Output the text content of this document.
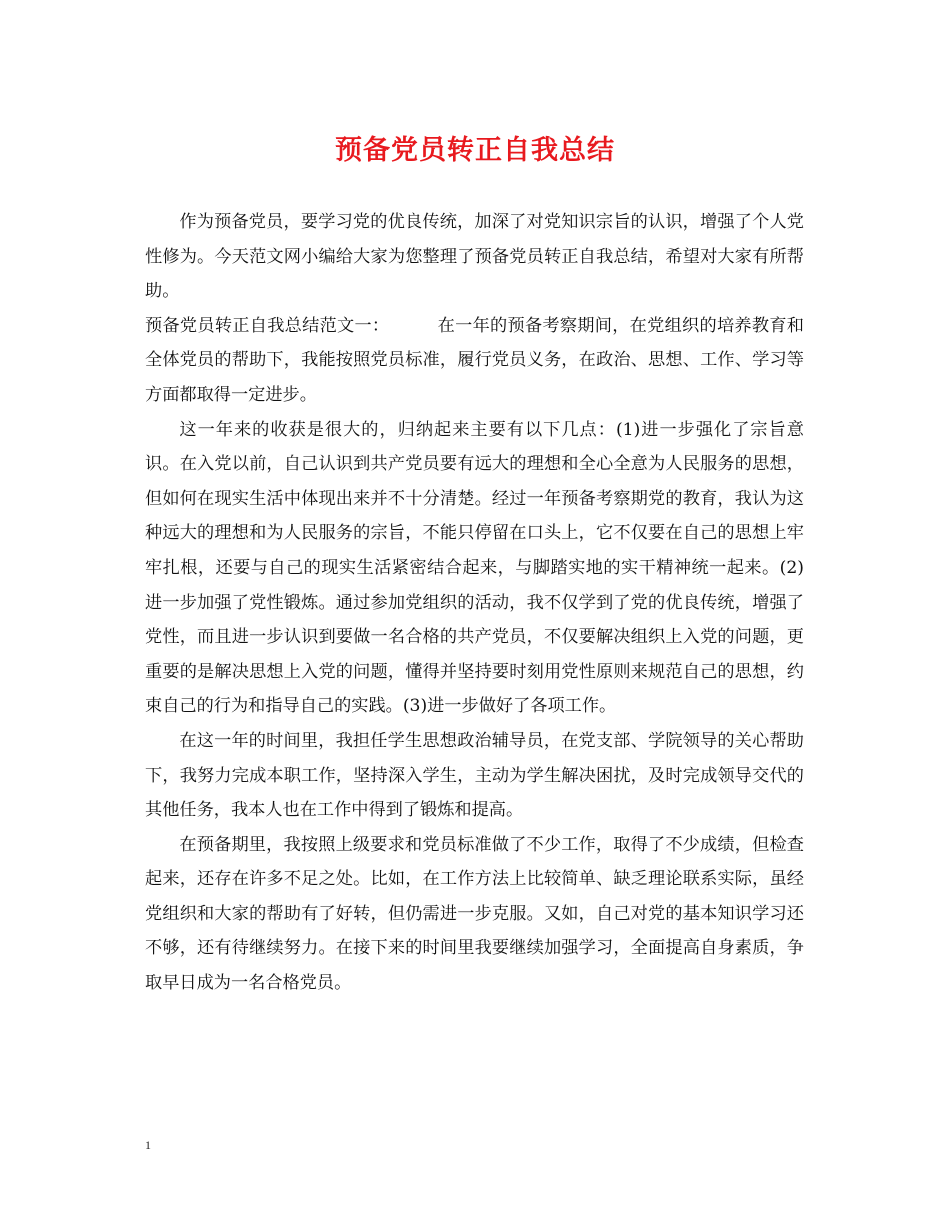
预备党员转正自我总结

作为预备党员，要学习党的优良传统，加深了对党知识宗旨的认识，增强了个人党性修为。今天范文网小编给大家为您整理了预备党员转正自我总结，希望对大家有所帮助。

预备党员转正自我总结范文一：	在一年的预备考察期间，在党组织的培养教育和全体党员的帮助下，我能按照党员标准，履行党员义务，在政治、思想、工作、学习等方面都取得一定进步。

这一年来的收获是很大的，归纳起来主要有以下几点：(1)进一步强化了宗旨意识。在入党以前，自己认识到共产党员要有远大的理想和全心全意为人民服务的思想，但如何在现实生活中体现出来并不十分清楚。经过一年预备考察期党的教育，我认为这种远大的理想和为人民服务的宗旨，不能只停留在口头上，它不仅要在自己的思想上牢牢扎根，还要与自己的现实生活紧密结合起来，与脚踏实地的实干精神统一起来。(2)进一步加强了党性锻炼。通过参加党组织的活动，我不仅学到了党的优良传统，增强了党性，而且进一步认识到要做一名合格的共产党员，不仅要解决组织上入党的问题，更重要的是解决思想上入党的问题，懂得并坚持要时刻用党性原则来规范自己的思想，约束自己的行为和指导自己的实践。(3)进一步做好了各项工作。

在这一年的时间里，我担任学生思想政治辅导员，在党支部、学院领导的关心帮助下，我努力完成本职工作，坚持深入学生，主动为学生解决困扰，及时完成领导交代的其他任务，我本人也在工作中得到了锻炼和提高。

在预备期里，我按照上级要求和党员标准做了不少工作，取得了不少成绩，但检查起来，还存在许多不足之处。比如，在工作方法上比较简单、缺乏理论联系实际，虽经党组织和大家的帮助有了好转，但仍需进一步克服。又如，自己对党的基本知识学习还不够，还有待继续努力。在接下来的时间里我要继续加强学习，全面提高自身素质，争取早日成为一名合格党员。

1
